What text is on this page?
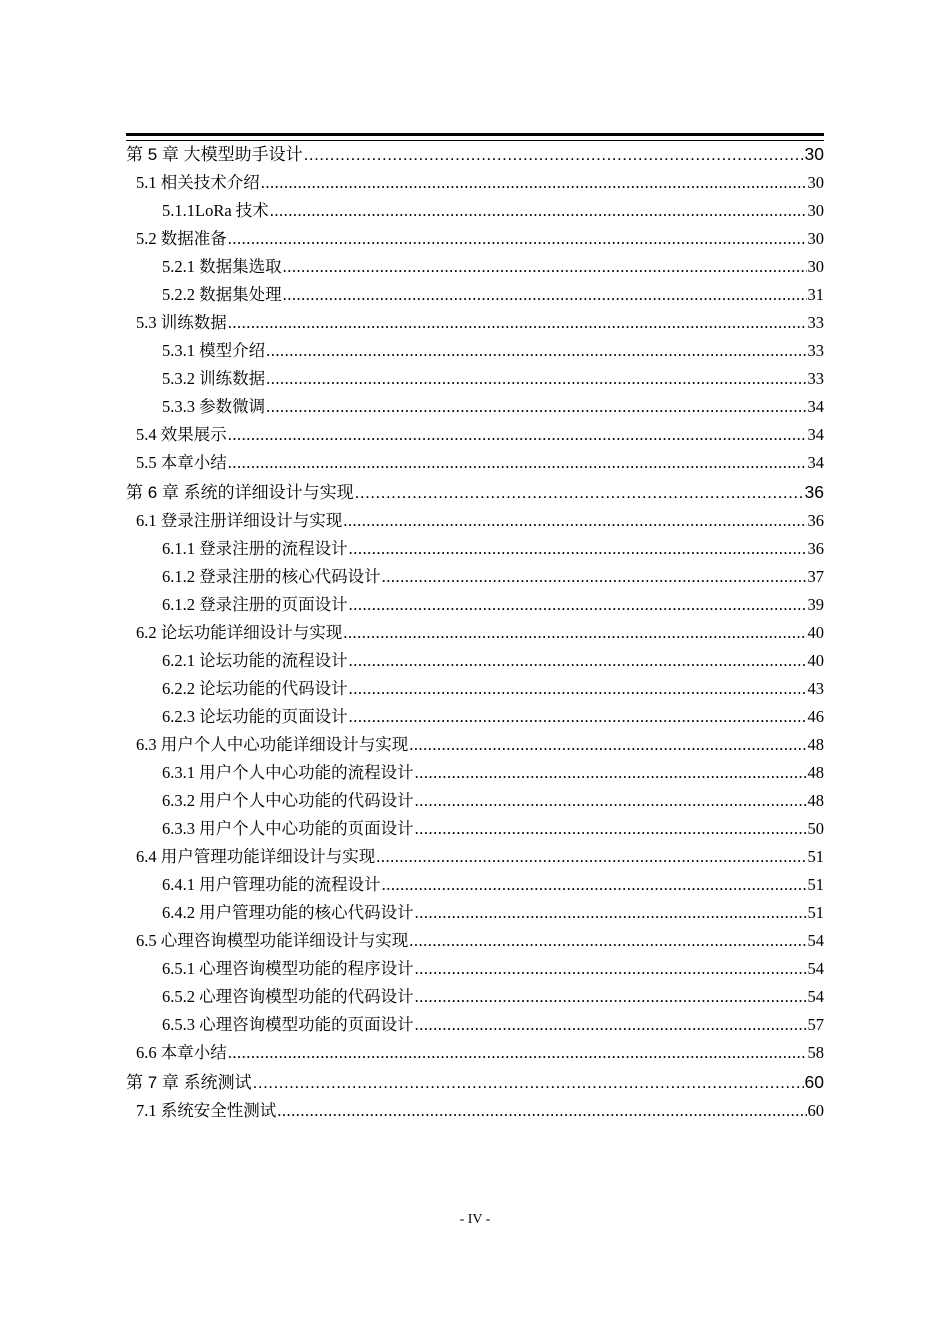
第 5 章 大模型助手设计 .....	30
5.1 相关技术介绍 .....	30
5.1.1LoRa 技术 .....	30
5.2 数据准备 .....	30
5.2.1 数据集选取 .....	30
5.2.2 数据集处理 .....	31
5.3 训练数据 .....	33
5.3.1 模型介绍 .....	33
5.3.2 训练数据 .....	33
5.3.3 参数微调 .....	34
5.4 效果展示 .....	34
5.5 本章小结 .....	34
第 6 章 系统的详细设计与实现 .....	36
6.1 登录注册详细设计与实现 .....	36
6.1.1 登录注册的流程设计 .....	36
6.1.2 登录注册的核心代码设计 .....	37
6.1.2 登录注册的页面设计 .....	39
6.2 论坛功能详细设计与实现 .....	40
6.2.1 论坛功能的流程设计 .....	40
6.2.2 论坛功能的代码设计 .....	43
6.2.3 论坛功能的页面设计 .....	46
6.3 用户个人中心功能详细设计与实现 .....	48
6.3.1 用户个人中心功能的流程设计 .....	48
6.3.2 用户个人中心功能的代码设计 .....	48
6.3.3 用户个人中心功能的页面设计 .....	50
6.4 用户管理功能详细设计与实现 .....	51
6.4.1 用户管理功能的流程设计 .....	51
6.4.2 用户管理功能的核心代码设计 .....	51
6.5 心理咨询模型功能详细设计与实现 .....	54
6.5.1 心理咨询模型功能的程序设计 .....	54
6.5.2 心理咨询模型功能的代码设计 .....	54
6.5.3 心理咨询模型功能的页面设计 .....	57
6.6 本章小结 .....	58
第 7 章 系统测试 .....	60
7.1 系统安全性测试 .....	60
- IV -
